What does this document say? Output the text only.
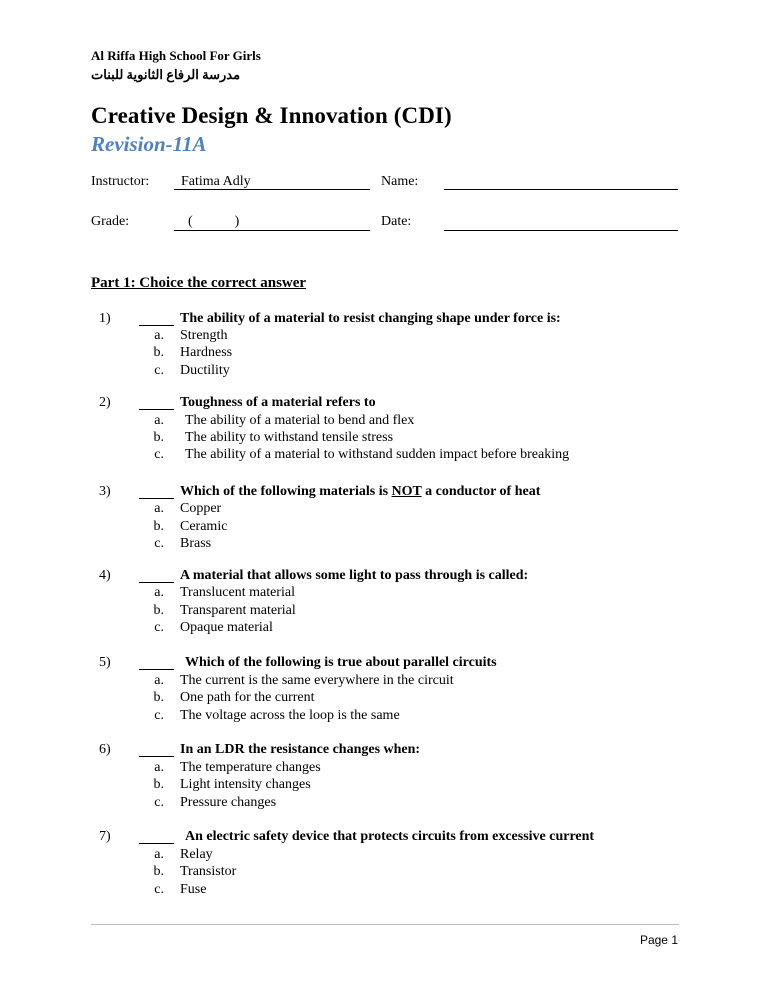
Al Riffa High School For Girls
مدرسة الرفاع الثانوية للبنات
Creative Design & Innovation (CDI)
Revision-11A
Instructor: Fatima Adly	Name:
Grade:	(            )	Date:
Part 1: Choice the correct answer
1)	The ability of a material to resist changing shape under force is:
a. Strength
b. Hardness
c. Ductility
2)	Toughness of a material refers to
a. The ability of a material to bend and flex
b. The ability to withstand tensile stress
c. The ability of a material to withstand sudden impact before breaking
3)	Which of the following materials is NOT a conductor of heat
a. Copper
b. Ceramic
c. Brass
4)	A material that allows some light to pass through is called:
a. Translucent material
b. Transparent material
c. Opaque material
5)	Which of the following is true about parallel circuits
a. The current is the same everywhere in the circuit
b. One path for the current
c. The voltage across the loop is the same
6)	In an LDR the resistance changes when:
a. The temperature changes
b. Light intensity changes
c. Pressure changes
7)	An electric safety device that protects circuits from excessive current
a. Relay
b. Transistor
c. Fuse
Page 1
